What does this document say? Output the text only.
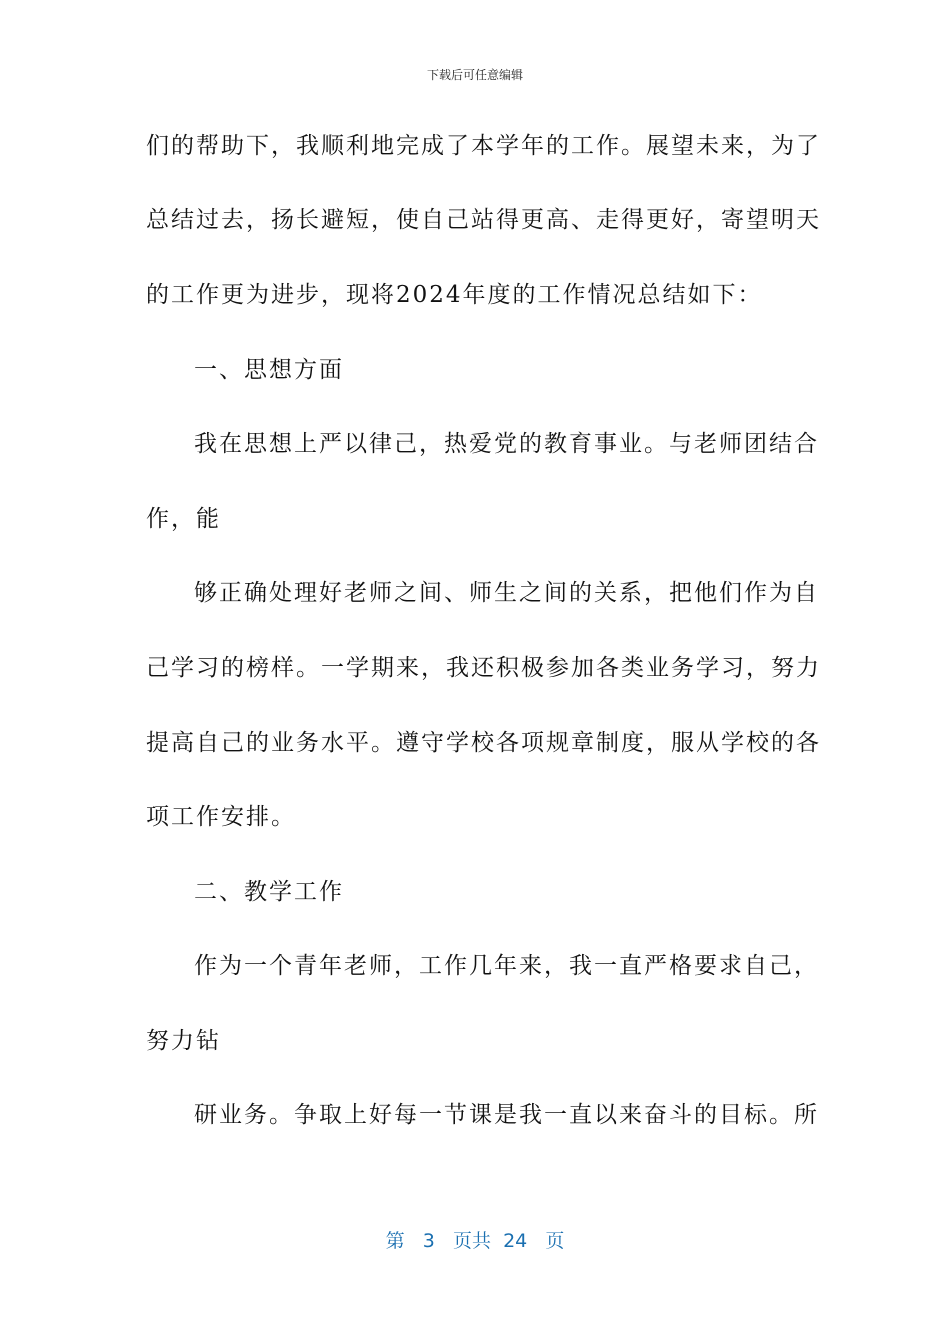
下载后可任意编辑
们的帮助下，我顺利地完成了本学年的工作。展望未来，为了
总结过去，扬长避短，使自己站得更高、走得更好，寄望明天
的工作更为进步，现将2024年度的工作情况总结如下：
一、思想方面
我在思想上严以律己，热爱党的教育事业。与老师团结合
作，能
够正确处理好老师之间、师生之间的关系，把他们作为自
己学习的榜样。一学期来，我还积极参加各类业务学习，努力
提高自己的业务水平。遵守学校各项规章制度，服从学校的各
项工作安排。
二、教学工作
作为一个青年老师，工作几年来，我一直严格要求自己，
努力钻
研业务。争取上好每一节课是我一直以来奋斗的目标。所
第 3 页共 24 页
